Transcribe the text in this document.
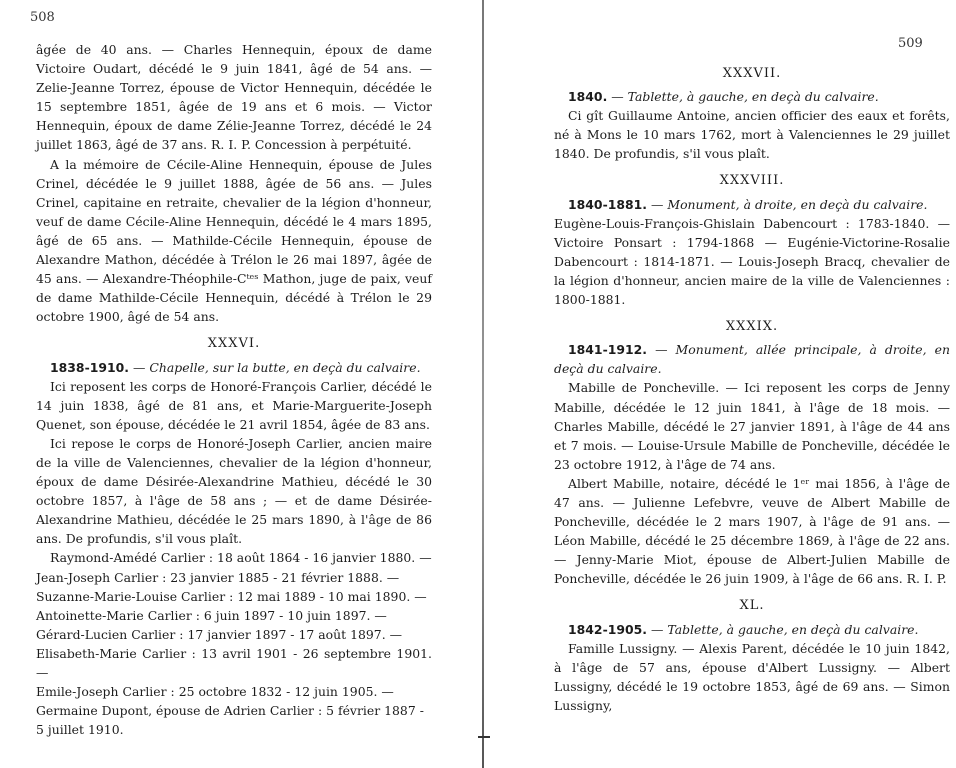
508

âgée de 40 ans. — Charles Hennequin, époux de dame Victoire Oudart, décédé le 9 juin 1841, âgé de 54 ans. — Zelie-Jeanne Torrez, épouse de Victor Hennequin, décédée le 15 septembre 1851, âgée de 19 ans et 6 mois. — Victor Hennequin, époux de dame Zélie-Jeanne Torrez, décédé le 24 juillet 1863, âgé de 37 ans. R. I. P. Concession à perpétuité.

A la mémoire de Cécile-Aline Hennequin, épouse de Jules Crinel, décédée le 9 juillet 1888, âgée de 56 ans. — Jules Crinel, capitaine en retraite, chevalier de la légion d'honneur, veuf de dame Cécile-Aline Hennequin, décédé le 4 mars 1895, âgé de 65 ans. — Mathilde-Cécile Hennequin, épouse de Alexandre Mathon, décédée à Trélon le 26 mai 1897, âgée de 45 ans. — Alexandre-Théophile-Cᵗᵉˢ Mathon, juge de paix, veuf de dame Mathilde-Cécile Hennequin, décédé à Trélon le 29 octobre 1900, âgé de 54 ans.

XXXVI.

1838-1910. — Chapelle, sur la butte, en deçà du calvaire.

Ici reposent les corps de Honoré-François Carlier, décédé le 14 juin 1838, âgé de 81 ans, et Marie-Marguerite-Joseph Quenet, son épouse, décédée le 21 avril 1854, âgée de 83 ans.

Ici repose le corps de Honoré-Joseph Carlier, ancien maire de la ville de Valenciennes, chevalier de la légion d'honneur, époux de dame Désirée-Alexandrine Mathieu, décédé le 30 octobre 1857, à l'âge de 58 ans ; — et de dame Désirée-Alexandrine Mathieu, décédée le 25 mars 1890, à l'âge de 86 ans. De profundis, s'il vous plaît.

Raymond-Amédé Carlier : 18 août 1864 - 16 janvier 1880. —

Jean-Joseph Carlier : 23 janvier 1885 - 21 février 1888. —

Suzanne-Marie-Louise Carlier : 12 mai 1889 - 10 mai 1890. —

Antoinette-Marie Carlier : 6 juin 1897 - 10 juin 1897. —

Gérard-Lucien Carlier : 17 janvier 1897 - 17 août 1897. —

Elisabeth-Marie Carlier : 13 avril 1901 - 26 septembre 1901. —

Emile-Joseph Carlier : 25 octobre 1832 - 12 juin 1905. —

Germaine Dupont, épouse de Adrien Carlier : 5 février 1887 -

5 juillet 1910.

509
XXXVII.

1840. — Tablette, à gauche, en deçà du calvaire.

Ci gît Guillaume Antoine, ancien officier des eaux et forêts, né à Mons le 10 mars 1762, mort à Valenciennes le 29 juillet 1840. De profundis, s'il vous plaît.

XXXVIII.

1840-1881. — Monument, à droite, en deçà du calvaire.

Eugène-Louis-François-Ghislain Dabencourt : 1783-1840. — Victoire Ponsart : 1794-1868 — Eugénie-Victorine-Rosalie Dabencourt : 1814-1871. — Louis-Joseph Bracq, chevalier de la légion d'honneur, ancien maire de la ville de Valenciennes : 1800-1881.

XXXIX.

1841-1912. — Monument, allée principale, à droite, en deçà du calvaire.

Mabille de Poncheville. — Ici reposent les corps de Jenny Mabille, décédée le 12 juin 1841, à l'âge de 18 mois. — Charles Mabille, décédé le 27 janvier 1891, à l'âge de 44 ans et 7 mois. — Louise-Ursule Mabille de Poncheville, décédée le 23 octobre 1912, à l'âge de 74 ans.

Albert Mabille, notaire, décédé le 1ᵉʳ mai 1856, à l'âge de 47 ans. — Julienne Lefebvre, veuve de Albert Mabille de Poncheville, décédée le 2 mars 1907, à l'âge de 91 ans. — Léon Mabille, décédé le 25 décembre 1869, à l'âge de 22 ans. — Jenny-Marie Miot, épouse de Albert-Julien Mabille de Poncheville, décédée le 26 juin 1909, à l'âge de 66 ans. R. I. P.

XL.

1842-1905. — Tablette, à gauche, en deçà du calvaire.

Famille Lussigny. — Alexis Parent, décédée le 10 juin 1842, à l'âge de 57 ans, épouse d'Albert Lussigny. — Albert Lussigny, décédé le 19 octobre 1853, âgé de 69 ans. — Simon Lussigny,
